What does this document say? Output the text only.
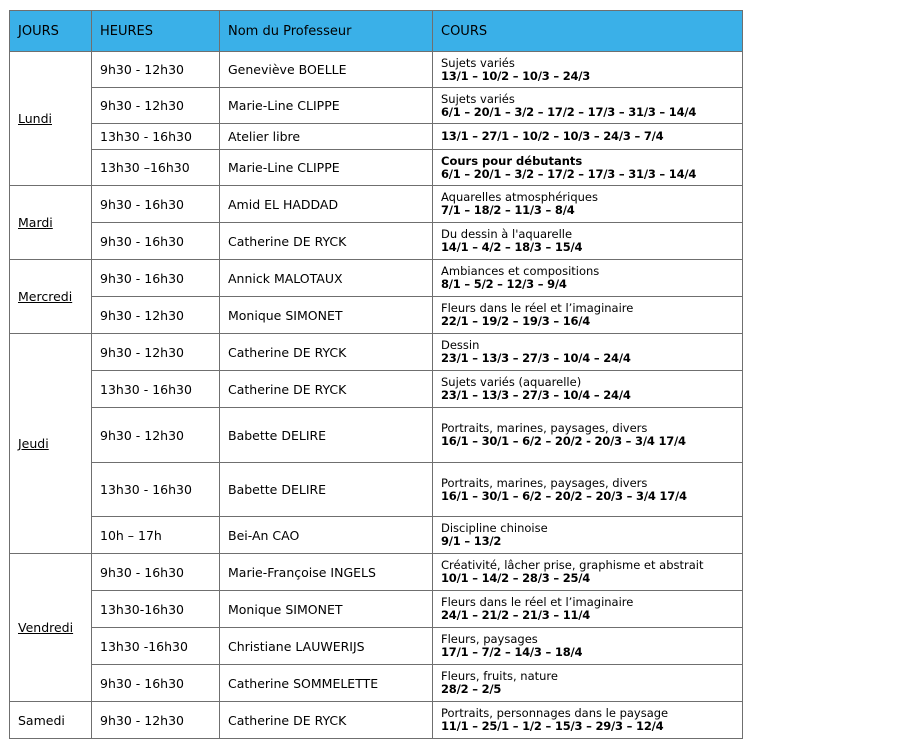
JOURS	HEURES	Nom du Professeur	COURS
Lundi	9h30 - 12h30	Geneviève BOELLE	Sujets variés
13/1 – 10/2 – 10/3 – 24/3

	9h30 - 12h30	Marie-Line CLIPPE	Sujets variés
6/1 – 20/1 – 3/2 – 17/2 – 17/3 – 31/3 – 14/4

	13h30 - 16h30	Atelier libre	13/1 – 27/1 – 10/2 – 10/3 – 24/3 – 7/4

	13h30 –16h30	Marie-Line CLIPPE	Cours pour débutants
6/1 – 20/1 – 3/2 – 17/2 – 17/3 – 31/3 – 14/4

Mardi	9h30 - 16h30	Amid EL HADDAD	Aquarelles atmosphériques
7/1 – 18/2 – 11/3 – 8/4

	9h30 - 16h30	Catherine DE RYCK	Du dessin à l'aquarelle
14/1 – 4/2 – 18/3 – 15/4

Mercredi	9h30 - 16h30	Annick MALOTAUX	Ambiances et compositions
8/1 – 5/2 – 12/3 – 9/4

	9h30 - 12h30	Monique SIMONET	Fleurs dans le réel et l’imaginaire
22/1 – 19/2 – 19/3 – 16/4

Jeudi	9h30 - 12h30	Catherine DE RYCK	Dessin
23/1 – 13/3 – 27/3 – 10/4 – 24/4

	13h30 - 16h30	Catherine DE RYCK	Sujets variés (aquarelle)
23/1 – 13/3 – 27/3 – 10/4 – 24/4

	9h30 - 12h30	Babette DELIRE	Portraits, marines, paysages, divers
16/1 – 30/1 – 6/2 – 20/2 - 20/3 – 3/4 17/4

	13h30 - 16h30	Babette DELIRE	Portraits, marines, paysages, divers
16/1 – 30/1 – 6/2 – 20/2 – 20/3 – 3/4 17/4

	10h – 17h	Bei-An CAO	Discipline chinoise
9/1 – 13/2

Vendredi	9h30 - 16h30	Marie-Françoise INGELS	Créativité, lâcher prise, graphisme et abstrait
10/1 – 14/2 – 28/3 – 25/4

	13h30-16h30	Monique SIMONET	Fleurs dans le réel et l’imaginaire
24/1 – 21/2 – 21/3 – 11/4

	13h30 -16h30	Christiane LAUWERIJS	Fleurs, paysages
17/1 – 7/2 – 14/3 – 18/4

	9h30 - 16h30	Catherine SOMMELETTE	Fleurs, fruits, nature
28/2 – 2/5

Samedi	9h30 - 12h30	Catherine DE RYCK	Portraits, personnages dans le paysage
11/1 – 25/1 – 1/2 – 15/3 – 29/3 – 12/4
